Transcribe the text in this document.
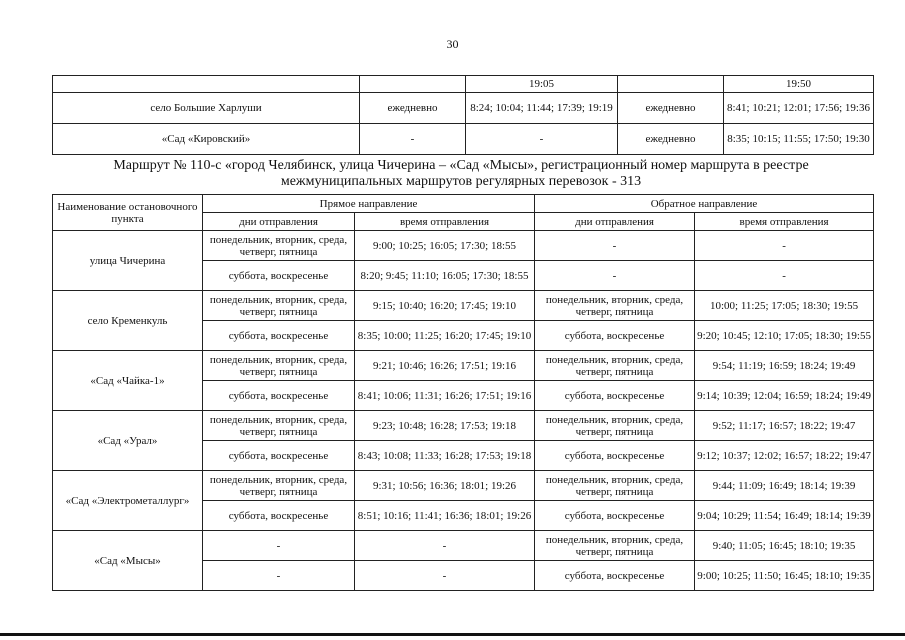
30
		19:05		19:50
село Большие Харлуши	ежедневно	8:24; 10:04; 11:44; 17:39; 19:19	ежедневно	8:41; 10:21; 12:01; 17:56; 19:36
«Сад «Кировский»	-	-	ежедневно	8:35; 10:15; 11:55; 17:50; 19:30
Маршрут № 110-с «город Челябинск, улица Чичерина – «Сад «Мысы», регистрационный номер маршрута в реестре межмуниципальных маршрутов регулярных перевозок - 313
Наименование остановочного пункта	Прямое направление		Обратное направление	
	дни отправления	время отправления	дни отправления	время отправления
улица Чичерина	понедельник, вторник, среда, четверг, пятница	9:00; 10:25; 16:05; 17:30; 18:55	-	-
	суббота, воскресенье	8:20; 9:45; 11:10; 16:05; 17:30; 18:55	-	-
село Кременкуль	понедельник, вторник, среда, четверг, пятница	9:15; 10:40; 16:20; 17:45; 19:10	понедельник, вторник, среда, четверг, пятница	10:00; 11:25; 17:05; 18:30; 19:55
	суббота, воскресенье	8:35; 10:00; 11:25; 16:20; 17:45; 19:10	суббота, воскресенье	9:20; 10:45; 12:10; 17:05; 18:30; 19:55
«Сад «Чайка-1»	понедельник, вторник, среда, четверг, пятница	9:21; 10:46; 16:26; 17:51; 19:16	понедельник, вторник, среда, четверг, пятница	9:54; 11:19; 16:59; 18:24; 19:49
	суббота, воскресенье	8:41; 10:06; 11:31; 16:26; 17:51; 19:16	суббота, воскресенье	9:14; 10:39; 12:04; 16:59; 18:24; 19:49
«Сад «Урал»	понедельник, вторник, среда, четверг, пятница	9:23; 10:48; 16:28; 17:53; 19:18	понедельник, вторник, среда, четверг, пятница	9:52; 11:17; 16:57; 18:22; 19:47
	суббота, воскресенье	8:43; 10:08; 11:33; 16:28; 17:53; 19:18	суббота, воскресенье	9:12; 10:37; 12:02; 16:57; 18:22; 19:47
«Сад «Электрометаллург»	понедельник, вторник, среда, четверг, пятница	9:31; 10:56; 16:36; 18:01; 19:26	понедельник, вторник, среда, четверг, пятница	9:44; 11:09; 16:49; 18:14; 19:39
	суббота, воскресенье	8:51; 10:16; 11:41; 16:36; 18:01; 19:26	суббота, воскресенье	9:04; 10:29; 11:54; 16:49; 18:14; 19:39
«Сад «Мысы»	-	-	понедельник, вторник, среда, четверг, пятница	9:40; 11:05; 16:45; 18:10; 19:35
	-	-	суббота, воскресенье	9:00; 10:25; 11:50; 16:45; 18:10; 19:35
